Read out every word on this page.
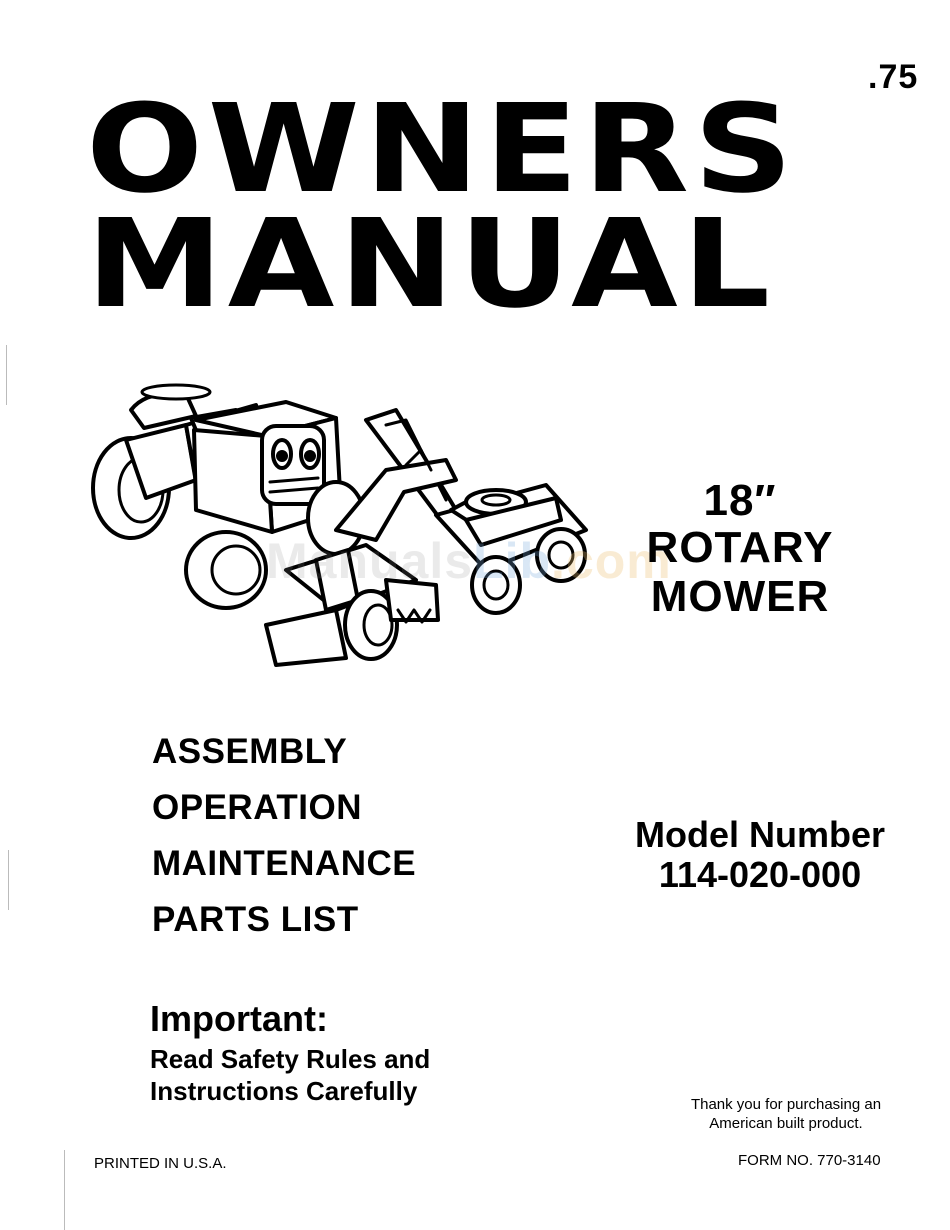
.75
OWNERS
MANUAL
ManualsLib.com
18″
ROTARY
MOWER
ASSEMBLY
OPERATION
MAINTENANCE
PARTS LIST
Model Number
114-020-000
Important:
Read Safety Rules and
Instructions Carefully	Thank you for purchasing an
American built product.
PRINTED IN U.S.A.	FORM NO. 770-3140
